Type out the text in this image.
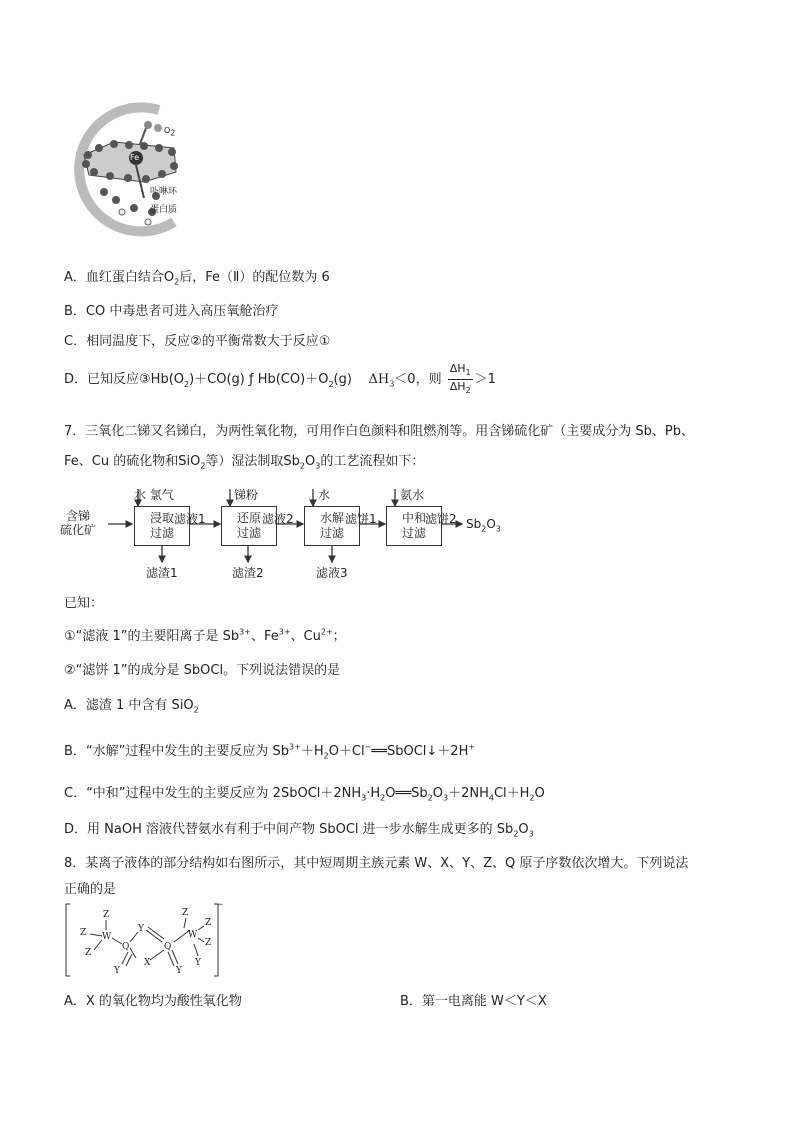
O2
Fe
卟啉环
蛋白质
A．血红蛋白结合$O_2$后，Fe（Ⅱ）的配位数为 6
B．CO 中毒患者可进入高压氧舱治疗
C．相同温度下，反应②的平衡常数大于反应①
D．已知反应$③Hb(O_2)+CO(g)$ ƒ $Hb(CO)+O_2(g)$ $\Delta H_3<0$，则 $\frac{\Delta H_1}{\Delta H_2} >1$
7．三氧化二锑又名锑白，为两性氧化物，可用作白色颜料和阻燃剂等。用含锑硫化矿（主要成分为 Sb、Pb、
Fe、Cu 的硫化物和SiO$_2$等）湿法制取$Sb_2O_3$的工艺流程如下：
含锑
硫化矿
水 氯气
浸取
过滤
滤液1
滤渣1
锑粉
还原
过滤
滤液2
滤渣2
水
水解
过滤
滤饼1
滤液3
氨水
中和
过滤
滤饼2 $Sb_2O_3$
已知：
①“滤液 1”的主要阳离子是 $Sb^{3+}$、$Fe^{3+}$、$Cu^{2+}$；
②“滤饼 1”的成分是 SbOCl。下列说法错误的是
A．滤渣 1 中含有 SiO$_2$
B．“水解”过程中发生的主要反应为 $Sb^{3+}+H_2O+Cl^-══SbOCl↓+2H^+$
C．“中和”过程中发生的主要反应为 $2SbOCl+2NH_3\cdot H_2O══Sb_2O_3+2NH_4Cl+H_2O$
D．用 NaOH 溶液代替氨水有利于中间产物 SbOCl 进一步水解生成更多的 $Sb_2O_3$
8．某离子液体的部分结构如右图所示，其中短周期主族元素 W、X、Y、Z、Q 原子序数依次增大。下列说法
正确的是
−
Z
Z
Z
W
Q
Y
Y
X
Q
Y
Z
W
Z
Z
Y
A．X 的氧化物均为酸性氧化物	B．第一电离能 W＜Y＜X
